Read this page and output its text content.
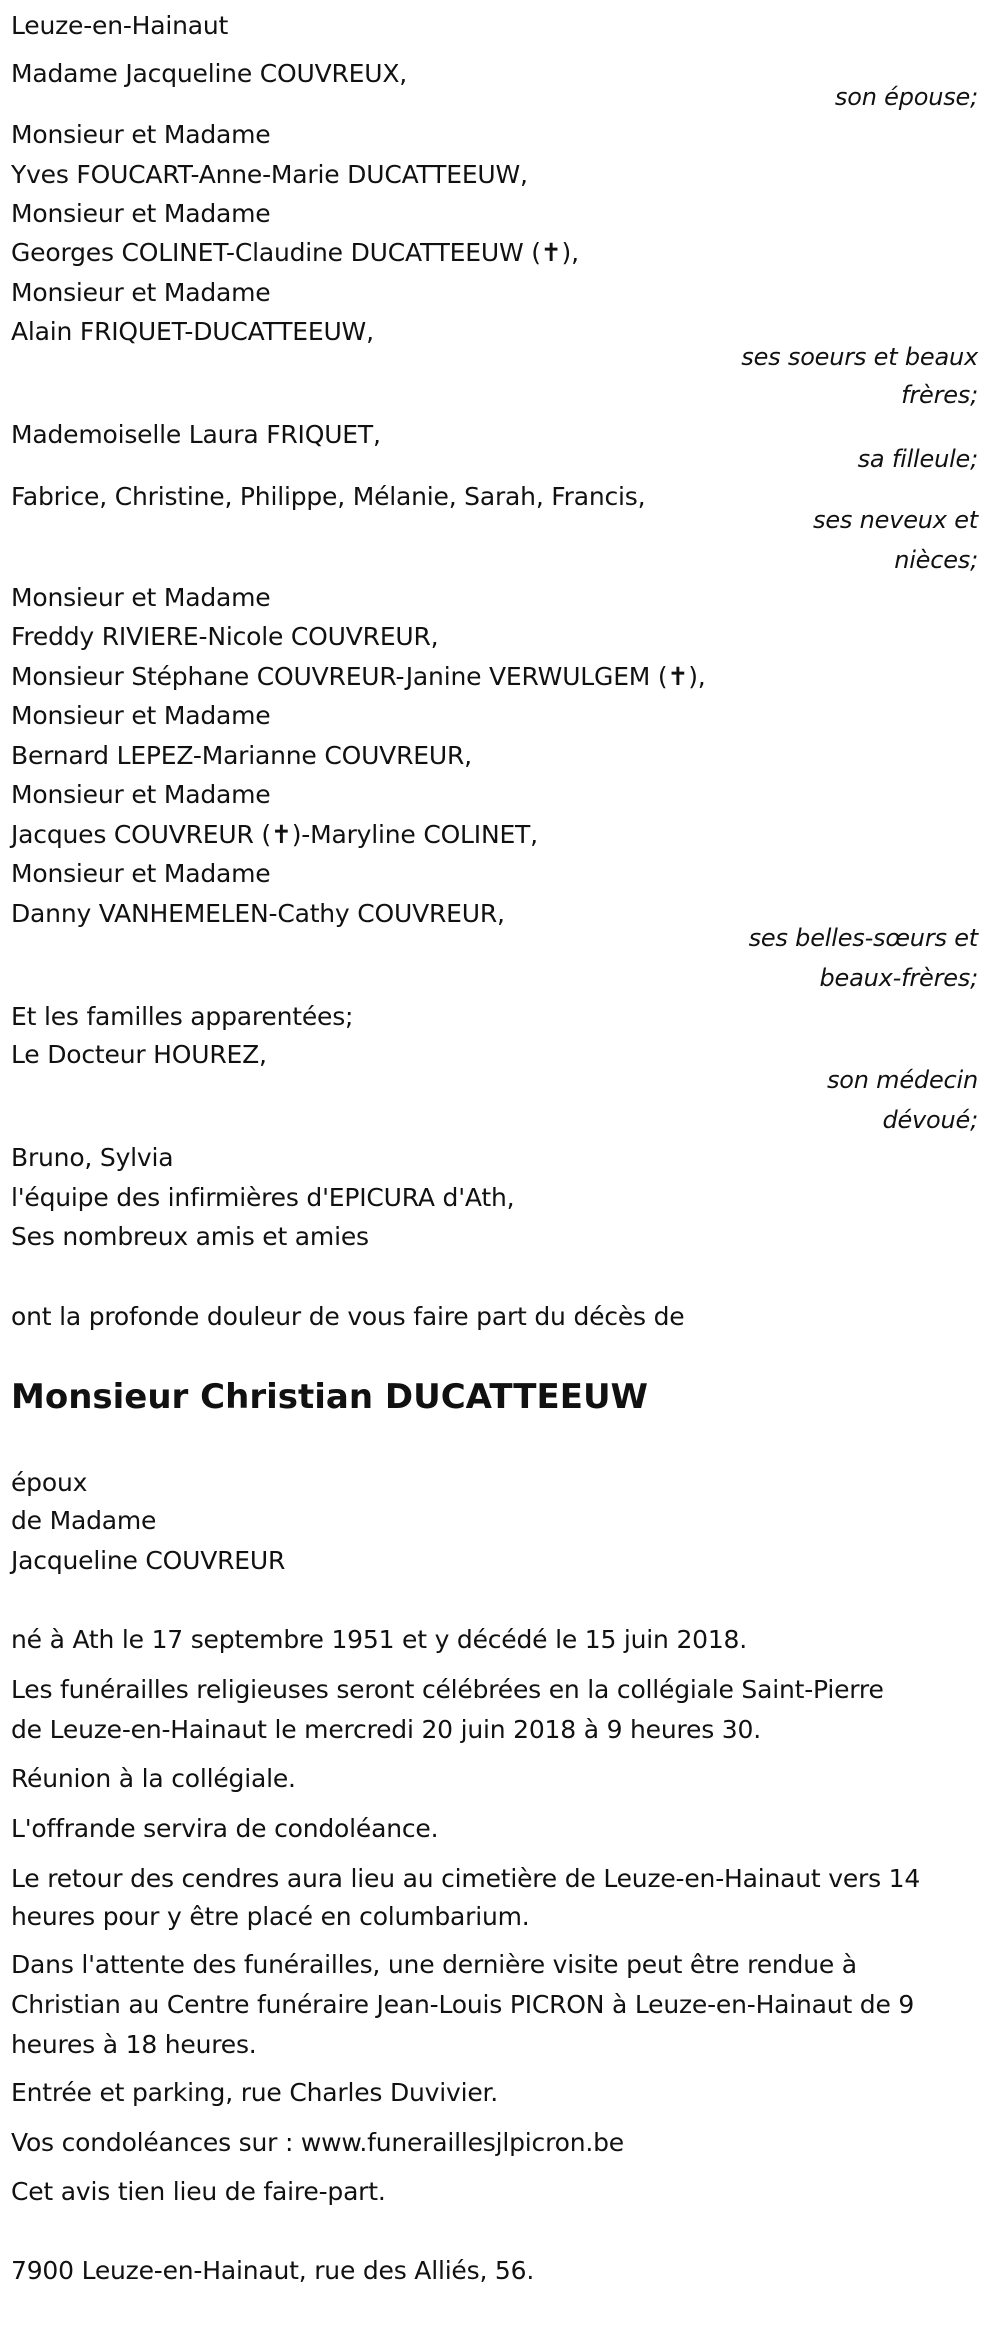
Leuze-en-Hainaut
Madame Jacqueline COUVREUX,
Monsieur et Madame
Yves FOUCART-Anne-Marie DUCATTEEUW,
Monsieur et Madame
Georges COLINET-Claudine DUCATTEEUW (✝),
Monsieur et Madame
Alain FRIQUET-DUCATTEEUW,
Mademoiselle Laura FRIQUET,
Fabrice, Christine, Philippe, Mélanie, Sarah, Francis,
Monsieur et Madame
Freddy RIVIERE-Nicole COUVREUR,
Monsieur Stéphane COUVREUR-Janine VERWULGEM (✝),
Monsieur et Madame
Bernard LEPEZ-Marianne COUVREUR,
Monsieur et Madame
Jacques COUVREUR (✝)-Maryline COLINET,
Monsieur et Madame
Danny VANHEMELEN-Cathy COUVREUR,
Et les familles apparentées;
Le Docteur HOUREZ,
Bruno, Sylvia
l'équipe des infirmières d'EPICURA d'Ath,
Ses nombreux amis et amies
ont la profonde douleur de vous faire part du décès de
époux
de Madame
Jacqueline COUVREUR
né à Ath le 17 septembre 1951 et y décédé le 15 juin 2018.
Les funérailles religieuses seront célébrées en la collégiale Saint-Pierre
de Leuze-en-Hainaut le mercredi 20 juin 2018 à 9 heures 30.
Réunion à la collégiale.
L'offrande servira de condoléance.
Le retour des cendres aura lieu au cimetière de Leuze-en-Hainaut vers 14
heures pour y être placé en columbarium.
Dans l'attente des funérailles, une dernière visite peut être rendue à
Christian au Centre funéraire Jean-Louis PICRON à Leuze-en-Hainaut de 9
heures à 18 heures.
Entrée et parking, rue Charles Duvivier.
Vos condoléances sur : www.funeraillesjlpicron.be
Cet avis tien lieu de faire-part.
7900 Leuze-en-Hainaut, rue des Alliés, 56.
son épouse;
ses soeurs et beaux
frères;
sa filleule;
ses neveux et
nièces;
ses belles-sœurs et
beaux-frères;
son médecin
dévoué;
Monsieur Christian DUCATTEEUW
